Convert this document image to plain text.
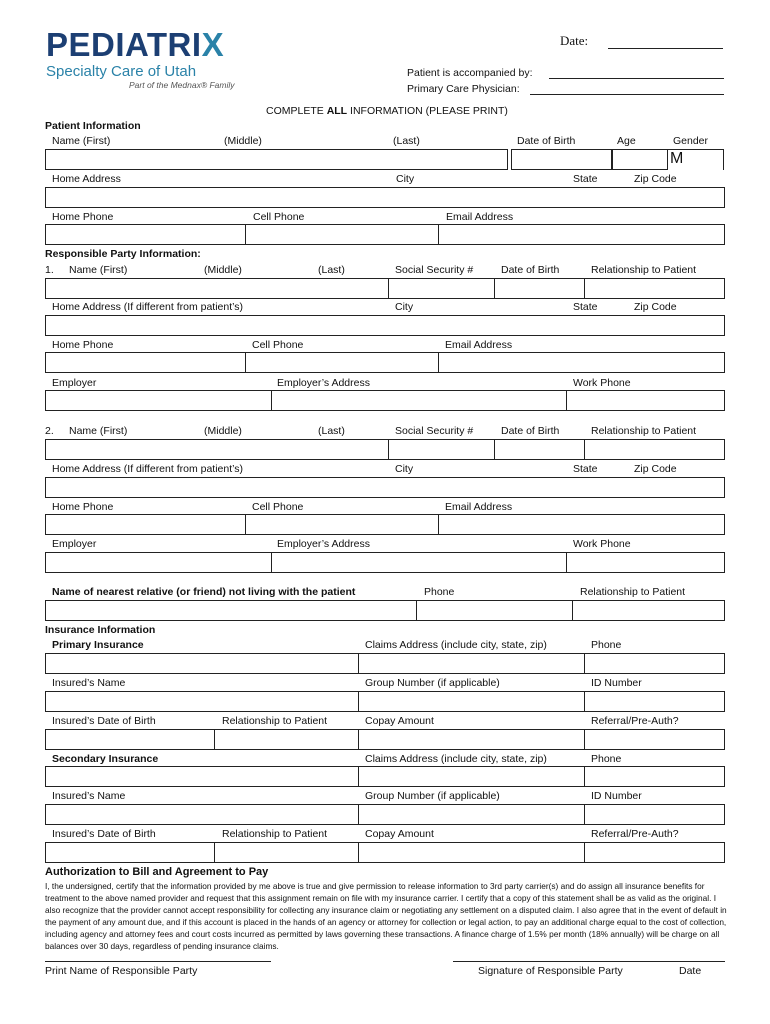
PEDIATRIX
Specialty Care of Utah
Part of the Mednax® Family
Date:
Patient is accompanied by:
Primary Care Physician:
COMPLETE ALL INFORMATION (PLEASE PRINT)
Patient Information
Name (First)	(Middle)	(Last)	Date of Birth	Age	Gender
M
Home Address	City	State	Zip Code
Home Phone	Cell Phone	Email Address
Responsible Party Information:
1. Name (First)	(Middle)	(Last)	Social Security #	Date of Birth	Relationship to Patient
Home Address (If different from patient’s)	City	State	Zip Code
Home Phone	Cell Phone	Email Address
Employer	Employer’s Address	Work Phone
2. Name (First)	(Middle)	(Last)	Social Security #	Date of Birth	Relationship to Patient
Home Address (If different from patient’s)	City	State	Zip Code
Home Phone	Cell Phone	Email Address
Employer	Employer’s Address	Work Phone
Name of nearest relative (or friend) not living with the patient	Phone	Relationship to Patient
Insurance Information
Primary Insurance	Claims Address (include city, state, zip)	Phone
Insured’s Name	Group Number (if applicable)	ID Number
Insured’s Date of Birth	Relationship to Patient	Copay Amount	Referral/Pre-Auth?
Secondary Insurance	Claims Address (include city, state, zip)	Phone
Insured’s Name	Group Number (if applicable)	ID Number
Insured’s Date of Birth	Relationship to Patient	Copay Amount	Referral/Pre-Auth?
Authorization to Bill and Agreement to Pay
I, the undersigned, certify that the information provided by me above is true and give permission to release information to 3rd party carrier(s) and do assign all insurance benefits for treatment to the above named provider and request that this assignment remain on file with my insurance carrier. I certify that a copy of this statement shall be as valid as the original. I also recognize that the provider cannot accept responsibility for collecting any insurance claim or negotiating any settlement on a disputed claim. I also agree that in the event of default in the payment of any amount due, and if this account is placed in the hands of an agency or attorney for collection or legal action, to pay an additional charge equal to the cost of collection, including agency and attorney fees and court costs incurred as permitted by laws governing these transactions. A finance charge of 1.5% per month (18% annually) will be charge on all balances over 30 days, regardless of pending insurance claims.
Print Name of Responsible Party	Signature of Responsible Party	Date
